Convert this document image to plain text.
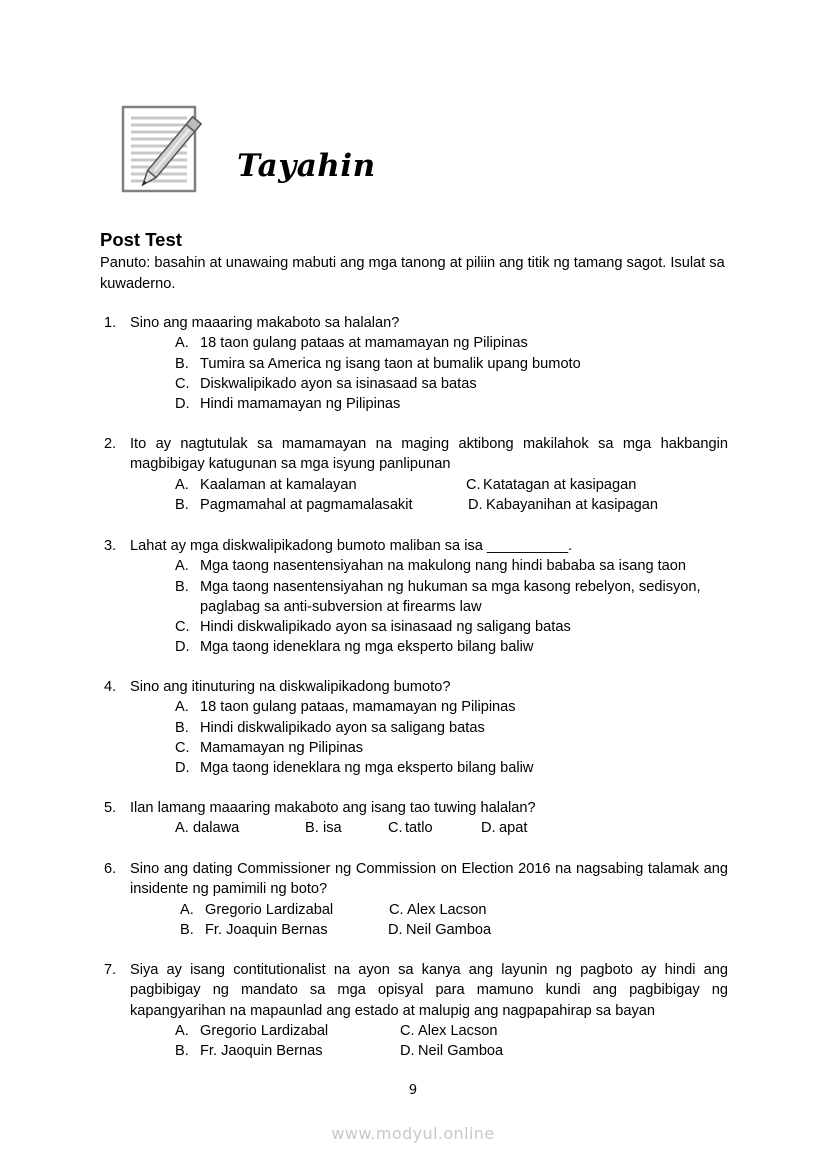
Tayahin
Post Test
Panuto: basahin at unawaing mabuti ang mga tanong at piliin ang titik ng tamang sagot. Isulat sa kuwaderno.
1. Sino ang maaaring makaboto sa halalan?
A. 18 taon gulang pataas at mamamayan ng Pilipinas
B. Tumira sa America ng isang taon at bumalik upang bumoto
C. Diskwalipikado ayon sa isinasaad sa batas
D. Hindi mamamayan ng Pilipinas
2. Ito ay nagtutulak sa mamamayan na maging aktibong makilahok sa mga hakbangin magbibigay katugunan sa mga isyung panlipunan
A. Kaalaman at kamalayan	C. Katatagan at kasipagan
B. Pagmamahal at pagmamalasakit	D. Kabayanihan at kasipagan
3. Lahat ay mga diskwalipikadong bumoto maliban sa isa __________.
A. Mga taong nasentensiyahan na makulong nang hindi bababa sa isang taon
B. Mga taong nasentensiyahan ng hukuman sa mga kasong rebelyon, sedisyon, paglabag sa anti-subversion at firearms law
C. Hindi diskwalipikado ayon sa isinasaad ng saligang batas
D. Mga taong ideneklara ng mga eksperto bilang baliw
4. Sino ang itinuturing na diskwalipikadong bumoto?
A. 18 taon gulang pataas, mamamayan ng Pilipinas
B. Hindi diskwalipikado ayon sa saligang batas
C. Mamamayan ng Pilipinas
D. Mga taong ideneklara ng mga eksperto bilang baliw
5. Ilan lamang maaaring makaboto ang isang tao tuwing halalan?
A. dalawa	B. isa	C. tatlo	D. apat
6. Sino ang dating Commissioner ng Commission on Election 2016 na nagsabing talamak ang insidente ng pamimili ng boto?
A. Gregorio Lardizabal	C. Alex Lacson
B. Fr. Joaquin Bernas	D. Neil Gamboa
7. Siya ay isang contitutionalist na ayon sa kanya ang layunin ng pagboto ay hindi ang pagbibigay ng mandato sa mga opisyal para mamuno kundi ang pagbibigay ng kapangyarihan na mapaunlad ang estado at malupig ang nagpapahirap sa bayan
A. Gregorio Lardizabal	C. Alex Lacson
B. Fr. Jaoquin Bernas	D. Neil Gamboa
9
www.modyul.online
